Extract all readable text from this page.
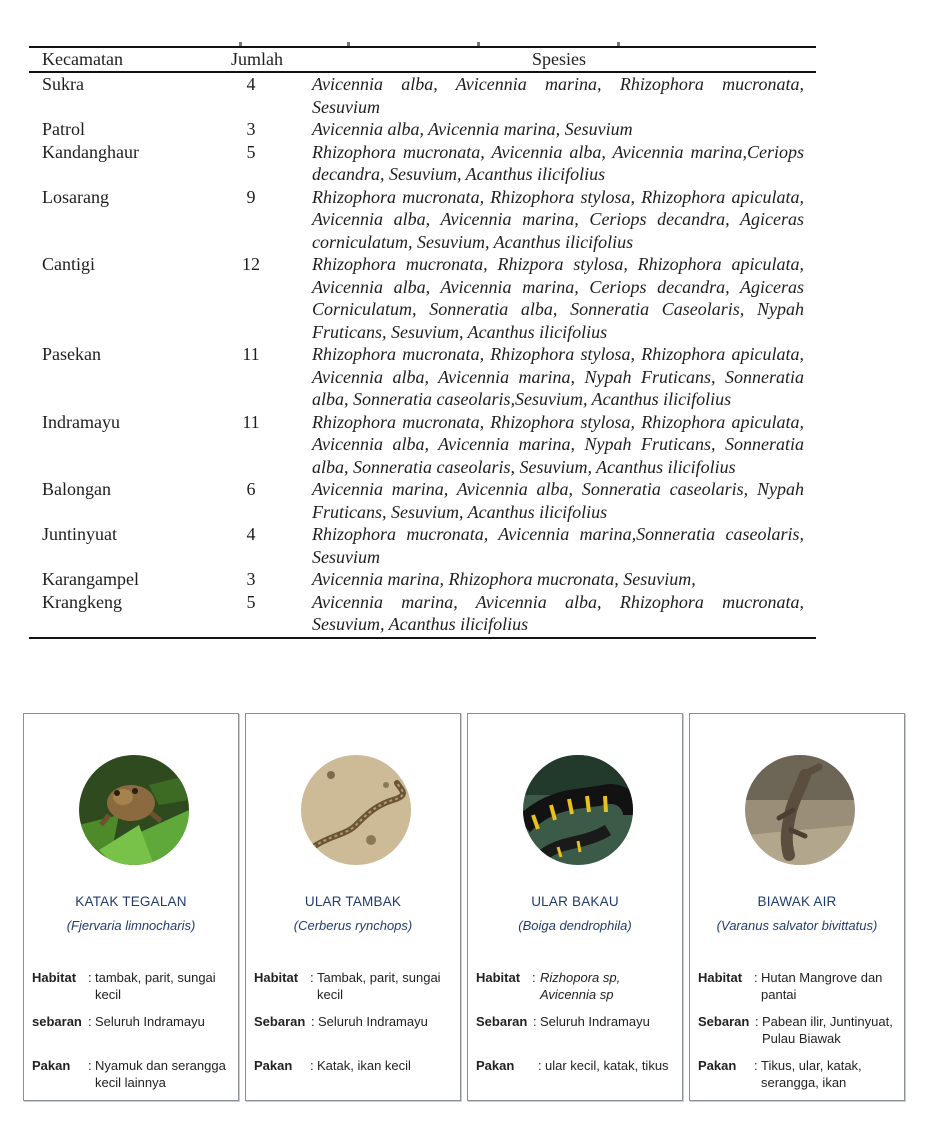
Kecamatan	Jumlah	Spesies
Sukra	4	Avicennia alba, Avicennia marina, Rhizophora mucronata, Sesuvium
Patrol	3	Avicennia alba, Avicennia marina, Sesuvium
Kandanghaur	5	Rhizophora mucronata, Avicennia alba, Avicennia marina,Ceriops decandra, Sesuvium, Acanthus ilicifolius
Losarang	9	Rhizophora mucronata, Rhizophora stylosa, Rhizophora apiculata, Avicennia alba, Avicennia marina, Ceriops decandra, Agiceras corniculatum, Sesuvium, Acanthus ilicifolius
Cantigi	12	Rhizophora mucronata, Rhizpora stylosa, Rhizophora apiculata, Avicennia alba, Avicennia marina, Ceriops decandra, Agiceras Corniculatum, Sonneratia alba, Sonneratia Caseolaris, Nypah Fruticans, Sesuvium, Acanthus ilicifolius
Pasekan	11	Rhizophora mucronata, Rhizophora stylosa, Rhizophora apiculata, Avicennia alba, Avicennia marina, Nypah Fruticans, Sonneratia alba, Sonneratia caseolaris,Sesuvium, Acanthus ilicifolius
Indramayu	11	Rhizophora mucronata, Rhizophora stylosa, Rhizophora apiculata, Avicennia alba, Avicennia marina, Nypah Fruticans, Sonneratia alba, Sonneratia caseolaris, Sesuvium, Acanthus ilicifolius
Balongan	6	Avicennia marina, Avicennia alba, Sonneratia caseolaris, Nypah Fruticans, Sesuvium, Acanthus ilicifolius
Juntinyuat	4	Rhizophora mucronata, Avicennia marina,Sonneratia caseolaris, Sesuvium
Karangampel	3	Avicennia marina, Rhizophora mucronata, Sesuvium,
Krangkeng	5	Avicennia marina, Avicennia alba, Rhizophora mucronata, Sesuvium, Acanthus ilicifolius
KATAK TEGALAN
(Fjervaria limnocharis)
Habitat : tambak, parit, sungai kecil
sebaran : Seluruh Indramayu
Pakan : Nyamuk dan serangga kecil lainnya
ULAR TAMBAK
(Cerberus rynchops)
Habitat : Tambak, parit, sungai kecil
Sebaran : Seluruh Indramayu
Pakan : Katak, ikan kecil
ULAR BAKAU
(Boiga dendrophila)
Habitat : Rizhopora sp,
Avicennia sp
Sebaran : Seluruh Indramayu
Pakan : ular kecil, katak, tikus
BIAWAK AIR
(Varanus salvator bivittatus)
Habitat : Hutan Mangrove dan pantai
Sebaran : Pabean ilir, Juntinyuat, Pulau Biawak
Pakan : Tikus, ular, katak, serangga, ikan
